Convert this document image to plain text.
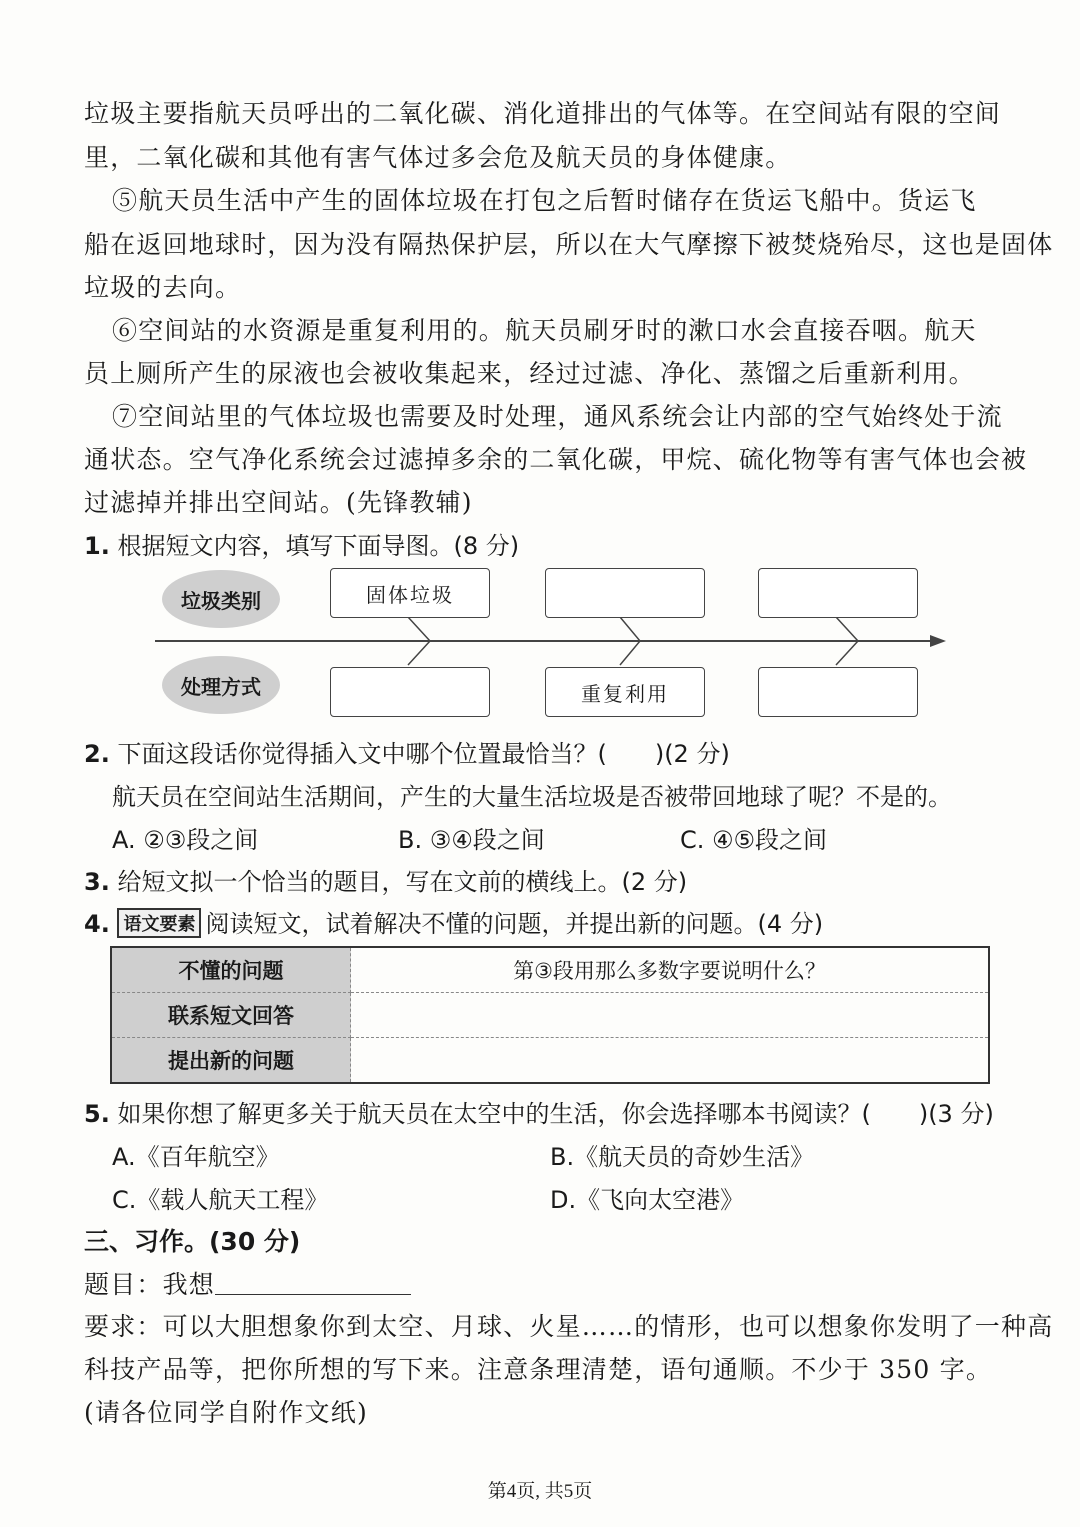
垃圾主要指航天员呼出的二氧化碳、消化道排出的气体等。在空间站有限的空间
里，二氧化碳和其他有害气体过多会危及航天员的身体健康。
⑤航天员生活中产生的固体垃圾在打包之后暂时储存在货运飞船中。货运飞
船在返回地球时，因为没有隔热保护层，所以在大气摩擦下被焚烧殆尽，这也是固体
垃圾的去向。
⑥空间站的水资源是重复利用的。航天员刷牙时的漱口水会直接吞咽。航天
员上厕所产生的尿液也会被收集起来，经过过滤、净化、蒸馏之后重新利用。
⑦空间站里的气体垃圾也需要及时处理，通风系统会让内部的空气始终处于流
通状态。空气净化系统会过滤掉多余的二氧化碳，甲烷、硫化物等有害气体也会被
过滤掉并排出空间站。(先锋教辅)
1. 根据短文内容，填写下面导图。(8 分)
垃圾类别
处理方式
固体垃圾
重复利用
2. 下面这段话你觉得插入文中哪个位置最恰当？(　　)(2 分)
航天员在空间站生活期间，产生的大量生活垃圾是否被带回地球了呢？不是的。
A. ②③段之间	B. ③④段之间	C. ④⑤段之间
3. 给短文拟一个恰当的题目，写在文前的横线上。(2 分)
4. 语文要素 阅读短文，试着解决不懂的问题，并提出新的问题。(4 分)
不懂的问题	第③段用那么多数字要说明什么？
联系短文回答	
提出新的问题	
5. 如果你想了解更多关于航天员在太空中的生活，你会选择哪本书阅读？(　　)(3 分)
A.《百年航空》	B.《航天员的奇妙生活》
C.《载人航天工程》	D.《飞向太空港》
三、习作。(30 分)
题目：我想
要求：可以大胆想象你到太空、月球、火星……的情形，也可以想象你发明了一种高
科技产品等，把你所想的写下来。注意条理清楚，语句通顺。不少于 350 字。
(请各位同学自附作文纸)
第4页, 共5页
